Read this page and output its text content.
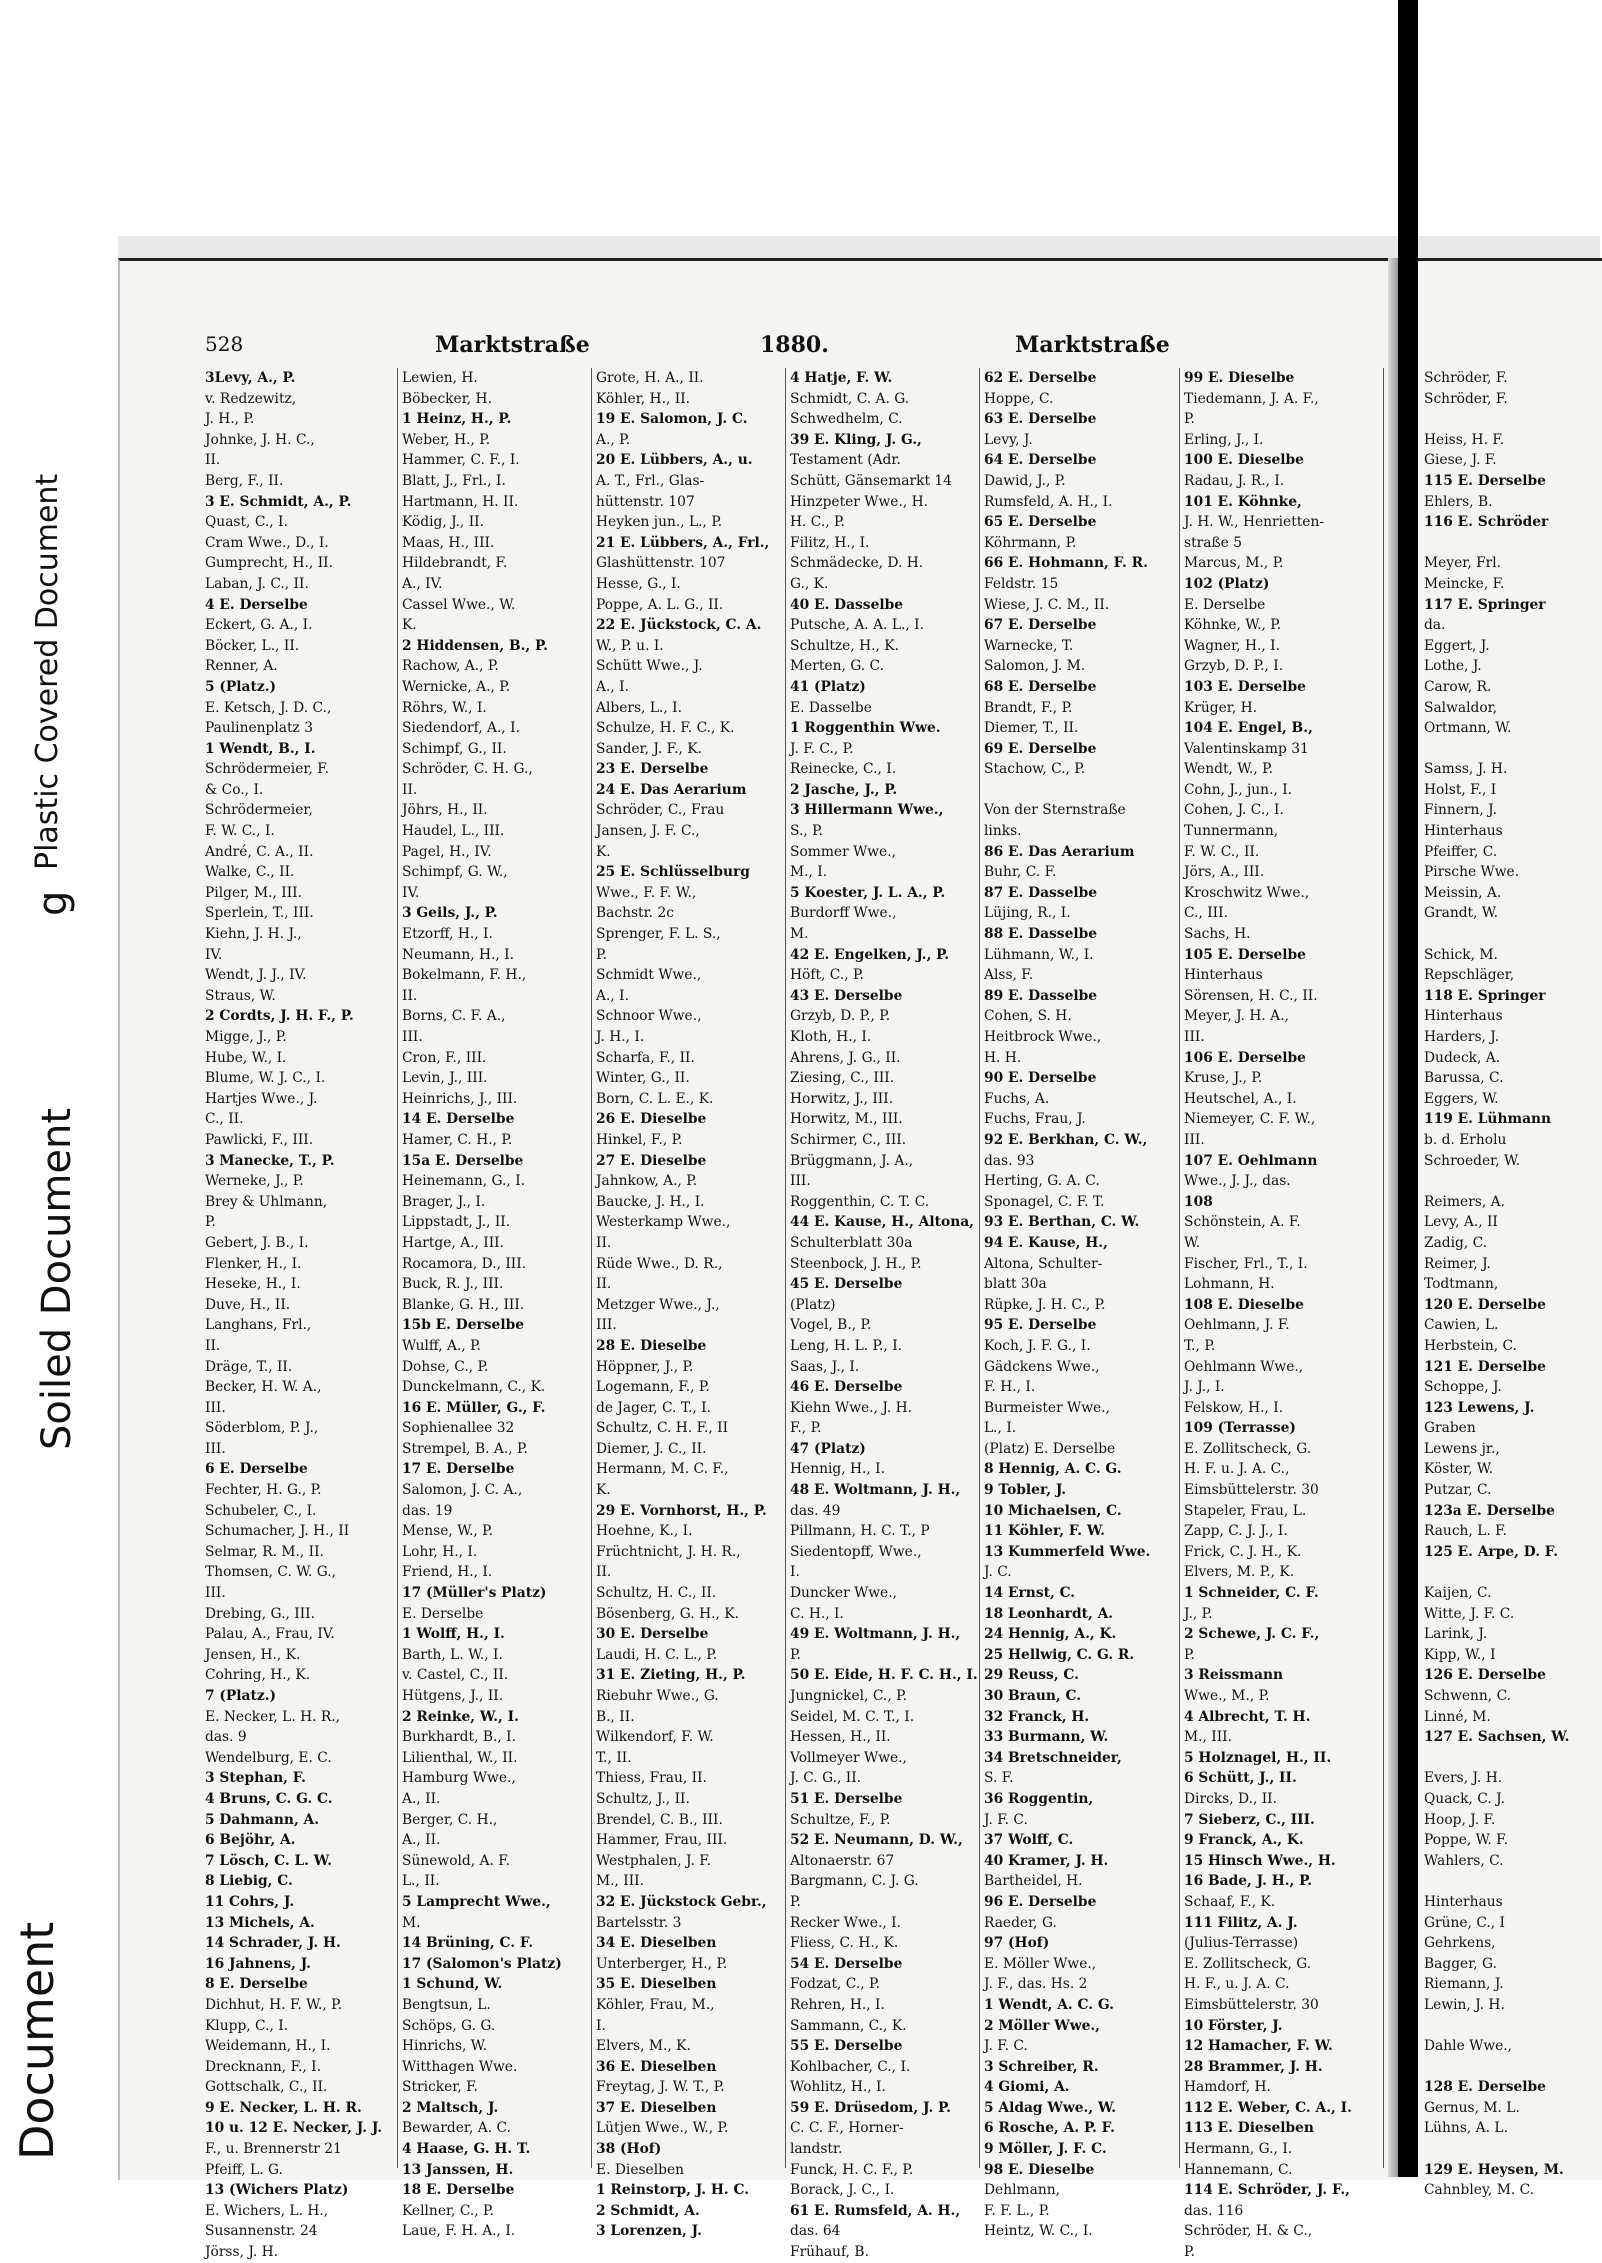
Plastic Covered Document
g
Soiled Document
Document
528	Marktstraße	1880.	Marktstraße
3Levy, A., P.
v. Redzewitz,
J. H., P.
Johnke, J. H. C.,
II.
Berg, F., II.
3 E. Schmidt, A., P.
Quast, C., I.
Cram Wwe., D., I.
Gumprecht, H., II.
Laban, J. C., II.
4 E. Derselbe
Eckert, G. A., I.
Böcker, L., II.
Renner, A.
5 (Platz.)
E. Ketsch, J. D. C.,
Paulinenplatz 3
1 Wendt, B., I.
Schrödermeier, F.
& Co., I.
Schrödermeier,
F. W. C., I.
André, C. A., II.
Walke, C., II.
Pilger, M., III.
Sperlein, T., III.
Kiehn, J. H. J.,
IV.
Wendt, J. J., IV.
Straus, W.
2 Cordts, J. H. F., P.
Migge, J., P.
Hube, W., I.
Blume, W. J. C., I.
Hartjes Wwe., J.
C., II.
Pawlicki, F., III.
3 Manecke, T., P.
Werneke, J., P.
Brey & Uhlmann,
P.
Gebert, J. B., I.
Flenker, H., I.
Heseke, H., I.
Duve, H., II.
Langhans, Frl.,
II.
Dräge, T., II.
Becker, H. W. A.,
III.
Söderblom, P. J.,
III.
6 E. Derselbe
Fechter, H. G., P.
Schubeler, C., I.
Schumacher, J. H., II
Selmar, R. M., II.
Thomsen, C. W. G.,
III.
Drebing, G., III.
Palau, A., Frau, IV.
Jensen, H., K.
Cohring, H., K.
7 (Platz.)
E. Necker, L. H. R.,
das. 9
Wendelburg, E. C.
3 Stephan, F.
4 Bruns, C. G. C.
5 Dahmann, A.
6 Bejöhr, A.
7 Lösch, C. L. W.
8 Liebig, C.
11 Cohrs, J.
13 Michels, A.
14 Schrader, J. H.
16 Jahnens, J.
8 E. Derselbe
Dichhut, H. F. W., P.
Klupp, C., I.
Weidemann, H., I.
Drecknann, F., I.
Gottschalk, C., II.
9 E. Necker, L. H. R.
10 u. 12 E. Necker, J. J.
F., u. Brennerstr 21
Pfeiff, L. G.
13 (Wichers Platz)
E. Wichers, L. H.,
Susannenstr. 24
Jörss, J. H.
Lewien, H.
Böbecker, H.
1 Heinz, H., P.
Weber, H., P.
Hammer, C. F., I.
Blatt, J., Frl., I.
Hartmann, H. II.
Ködig, J., II.
Maas, H., III.
Hildebrandt, F.
A., IV.
Cassel Wwe., W.
K.
2 Hiddensen, B., P.
Rachow, A., P.
Wernicke, A., P.
Röhrs, W., I.
Siedendorf, A., I.
Schimpf, G., II.
Schröder, C. H. G.,
II.
Jöhrs, H., II.
Haudel, L., III.
Pagel, H., IV.
Schimpf, G. W.,
IV.
3 Geils, J., P.
Etzorff, H., I.
Neumann, H., I.
Bokelmann, F. H.,
II.
Borns, C. F. A.,
III.
Cron, F., III.
Levin, J., III.
Heinrichs, J., III.
14 E. Derselbe
Hamer, C. H., P.
15a E. Derselbe
Heinemann, G., I.
Brager, J., I.
Lippstadt, J., II.
Hartge, A., III.
Rocamora, D., III.
Buck, R. J., III.
Blanke, G. H., III.
15b E. Derselbe
Wulff, A., P.
Dohse, C., P.
Dunckelmann, C., K.
16 E. Müller, G., F.
Sophienallee 32
Strempel, B. A., P.
17 E. Derselbe
Salomon, J. C. A.,
das. 19
Mense, W., P.
Lohr, H., I.
Friend, H., I.
17 (Müller's Platz)
E. Derselbe
1 Wolff, H., I.
Barth, L. W., I.
v. Castel, C., II.
Hütgens, J., II.
2 Reinke, W., I.
Burkhardt, B., I.
Lilienthal, W., II.
Hamburg Wwe.,
A., II.
Berger, C. H.,
A., II.
Sünewold, A. F.
L., II.
5 Lamprecht Wwe.,
M.
14 Brüning, C. F.
17 (Salomon's Platz)
1 Schund, W.
Bengtsun, L.
Schöps, G. G.
Hinrichs, W.
Witthagen Wwe.
Stricker, F.
2 Maltsch, J.
Bewarder, A. C.
4 Haase, G. H. T.
13 Janssen, H.
18 E. Derselbe
Kellner, C., P.
Laue, F. H. A., I.
Grote, H. A., II.
Köhler, H., II.
19 E. Salomon, J. C.
A., P.
20 E. Lübbers, A., u.
A. T., Frl., Glas-
hüttenstr. 107
Heyken jun., L., P.
21 E. Lübbers, A., Frl.,
Glashüttenstr. 107
Hesse, G., I.
Poppe, A. L. G., II.
22 E. Jückstock, C. A.
W., P. u. I.
Schütt Wwe., J.
A., I.
Albers, L., I.
Schulze, H. F. C., K.
Sander, J. F., K.
23 E. Derselbe
24 E. Das Aerarium
Schröder, C., Frau
Jansen, J. F. C.,
K.
25 E. Schlüsselburg
Wwe., F. F. W.,
Bachstr. 2c
Sprenger, F. L. S.,
P.
Schmidt Wwe.,
A., I.
Schnoor Wwe.,
J. H., I.
Scharfa, F., II.
Winter, G., II.
Born, C. L. E., K.
26 E. Dieselbe
Hinkel, F., P.
27 E. Dieselbe
Jahnkow, A., P.
Baucke, J. H., I.
Westerkamp Wwe.,
II.
Rüde Wwe., D. R.,
II.
Metzger Wwe., J.,
III.
28 E. Dieselbe
Höppner, J., P.
Logemann, F., P.
de Jager, C. T., I.
Schultz, C. H. F., II
Diemer, J. C., II.
Hermann, M. C. F.,
K.
29 E. Vornhorst, H., P.
Hoehne, K., I.
Früchtnicht, J. H. R.,
II.
Schultz, H. C., II.
Bösenberg, G. H., K.
30 E. Derselbe
Laudi, H. C. L., P.
31 E. Zieting, H., P.
Riebuhr Wwe., G.
B., II.
Wilkendorf, F. W.
T., II.
Thiess, Frau, II.
Schultz, J., II.
Brendel, C. B., III.
Hammer, Frau, III.
Westphalen, J. F.
M., III.
32 E. Jückstock Gebr.,
Bartelsstr. 3
34 E. Dieselben
Unterberger, H., P.
35 E. Dieselben
Köhler, Frau, M.,
I.
Elvers, M., K.
36 E. Dieselben
Freytag, J. W. T., P.
37 E. Dieselben
Lütjen Wwe., W., P.
38 (Hof)
E. Dieselben
1 Reinstorp, J. H. C.
2 Schmidt, A.
3 Lorenzen, J.
4 Hatje, F. W.
Schmidt, C. A. G.
Schwedhelm, C.
39 E. Kling, J. G.,
Testament (Adr.
Schütt, Gänsemarkt 14
Hinzpeter Wwe., H.
H. C., P.
Filitz, H., I.
Schmädecke, D. H.
G., K.
40 E. Dasselbe
Putsche, A. A. L., I.
Schultze, H., K.
Merten, G. C.
41 (Platz)
E. Dasselbe
1 Roggenthin Wwe.
J. F. C., P.
Reinecke, C., I.
2 Jasche, J., P.
3 Hillermann Wwe.,
S., P.
Sommer Wwe.,
M., I.
5 Koester, J. L. A., P.
Burdorff Wwe.,
M.
42 E. Engelken, J., P.
Höft, C., P.
43 E. Derselbe
Grzyb, D. P., P.
Kloth, H., I.
Ahrens, J. G., II.
Ziesing, C., III.
Horwitz, J., III.
Horwitz, M., III.
Schirmer, C., III.
Brüggmann, J. A.,
III.
Roggenthin, C. T. C.
44 E. Kause, H., Altona,
Schulterblatt 30a
Steenbock, J. H., P.
45 E. Derselbe
(Platz)
Vogel, B., P.
Leng, H. L. P., I.
Saas, J., I.
46 E. Derselbe
Kiehn Wwe., J. H.
F., P.
47 (Platz)
Hennig, H., I.
48 E. Woltmann, J. H.,
das. 49
Pillmann, H. C. T., P
Siedentopff, Wwe.,
I.
Duncker Wwe.,
C. H., I.
49 E. Woltmann, J. H.,
P.
50 E. Eide, H. F. C. H., I.
Jungnickel, C., P.
Seidel, M. C. T., I.
Hessen, H., II.
Vollmeyer Wwe.,
J. C. G., II.
51 E. Derselbe
Schultze, F., P.
52 E. Neumann, D. W.,
Altonaerstr. 67
Bargmann, C. J. G.
P.
Recker Wwe., I.
Fliess, C. H., K.
54 E. Derselbe
Fodzat, C., P.
Rehren, H., I.
Sammann, C., K.
55 E. Derselbe
Kohlbacher, C., I.
Wohlitz, H., I.
59 E. Drüsedom, J. P.
C. C. F., Horner-
landstr.
Funck, H. C. F., P.
Borack, J. C., I.
61 E. Rumsfeld, A. H.,
das. 64
Frühauf, B.
62 E. Derselbe
Hoppe, C.
63 E. Derselbe
Levy, J.
64 E. Derselbe
Dawid, J., P.
Rumsfeld, A. H., I.
65 E. Derselbe
Köhrmann, P.
66 E. Hohmann, F. R.
Feldstr. 15
Wiese, J. C. M., II.
67 E. Derselbe
Warnecke, T.
Salomon, J. M.
68 E. Derselbe
Brandt, F., P.
Diemer, T., II.
69 E. Derselbe
Stachow, C., P.

Von der Sternstraße
links.
86 E. Das Aerarium
Buhr, C. F.
87 E. Dasselbe
Lüjing, R., I.
88 E. Dasselbe
Lühmann, W., I.
Alss, F.
89 E. Dasselbe
Cohen, S. H.
Heitbrock Wwe.,
H. H.
90 E. Derselbe
Fuchs, A.
Fuchs, Frau, J.
92 E. Berkhan, C. W.,
das. 93
Herting, G. A. C.
Sponagel, C. F. T.
93 E. Berthan, C. W.
94 E. Kause, H.,
Altona, Schulter-
blatt 30a
Rüpke, J. H. C., P.
95 E. Derselbe
Koch, J. F. G., I.
Gädckens Wwe.,
F. H., I.
Burmeister Wwe.,
L., I.
(Platz) E. Derselbe
8 Hennig, A. C. G.
9 Tobler, J.
10 Michaelsen, C.
11 Köhler, F. W.
13 Kummerfeld Wwe.
J. C.
14 Ernst, C.
18 Leonhardt, A.
24 Hennig, A., K.
25 Hellwig, C. G. R.
29 Reuss, C.
30 Braun, C.
32 Franck, H.
33 Burmann, W.
34 Bretschneider,
S. F.
36 Roggentin,
J. F. C.
37 Wolff, C.
40 Kramer, J. H.
Bartheidel, H.
96 E. Derselbe
Raeder, G.
97 (Hof)
E. Möller Wwe.,
J. F., das. Hs. 2
1 Wendt, A. C. G.
2 Möller Wwe.,
J. F. C.
3 Schreiber, R.
4 Giomi, A.
5 Aldag Wwe., W.
6 Rosche, A. P. F.
9 Möller, J. F. C.
98 E. Dieselbe
Dehlmann,
F. F. L., P.
Heintz, W. C., I.
99 E. Dieselbe
Tiedemann, J. A. F.,
P.
Erling, J., I.
100 E. Dieselbe
Radau, J. R., I.
101 E. Köhnke,
J. H. W., Henrietten-
straße 5
Marcus, M., P.
102 (Platz)
E. Derselbe
Köhnke, W., P.
Wagner, H., I.
Grzyb, D. P., I.
103 E. Derselbe
Krüger, H.
104 E. Engel, B.,
Valentinskamp 31
Wendt, W., P.
Cohn, J., jun., I.
Cohen, J. C., I.
Tunnermann,
F. W. C., II.
Jörs, A., III.
Kroschwitz Wwe.,
C., III.
Sachs, H.
105 E. Derselbe
Hinterhaus
Sörensen, H. C., II.
Meyer, J. H. A.,
III.
106 E. Derselbe
Kruse, J., P.
Heutschel, A., I.
Niemeyer, C. F. W.,
III.
107 E. Oehlmann
Wwe., J. J., das.
108
Schönstein, A. F.
W.
Fischer, Frl., T., I.
Lohmann, H.
108 E. Dieselbe
Oehlmann, J. F.
T., P.
Oehlmann Wwe.,
J. J., I.
Felskow, H., I.
109 (Terrasse)
E. Zollitscheck, G.
H. F. u. J. A. C.,
Eimsbüttelerstr. 30
Stapeler, Frau, L.
Zapp, C. J. J., I.
Frick, C. J. H., K.
Elvers, M. P., K.
1 Schneider, C. F.
J., P.
2 Schewe, J. C. F.,
P.
3 Reissmann
Wwe., M., P.
4 Albrecht, T. H.
M., III.
5 Holznagel, H., II.
6 Schütt, J., II.
Dircks, D., II.
7 Sieberz, C., III.
9 Franck, A., K.
15 Hinsch Wwe., H.
16 Bade, J. H., P.
Schaaf, F., K.
111 Filitz, A. J.
(Julius-Terrasse)
E. Zollitscheck, G.
H. F., u. J. A. C.
Eimsbüttelerstr. 30
10 Förster, J.
12 Hamacher, F. W.
28 Brammer, J. H.
Hamdorf, H.
112 E. Weber, C. A., I.
113 E. Dieselben
Hermann, G., I.
Hannemann, C.
114 E. Schröder, J. F.,
das. 116
Schröder, H. & C.,
P.
Schröder, F.
Schröder, F.

Heiss, H. F.
Giese, J. F.
115 E. Derselbe
Ehlers, B.
116 E. Schröder

Meyer, Frl.
Meincke, F.
117 E. Springer
da.
Eggert, J.
Lothe, J.
Carow, R.
Salwaldor,
Ortmann, W.

Samss, J. H.
Holst, F., I
Finnern, J.
Hinterhaus
Pfeiffer, C.
Pirsche Wwe.
Meissin, A.
Grandt, W.

Schick, M.
Repschläger,
118 E. Springer
Hinterhaus
Harders, J.
Dudeck, A.
Barussa, C.
Eggers, W.
119 E. Lühmann
b. d. Erholu
Schroeder, W.

Reimers, A.
Levy, A., II
Zadig, C.
Reimer, J.
Todtmann,
120 E. Derselbe
Cawien, L.
Herbstein, C.
121 E. Derselbe
Schoppe, J.
123 Lewens, J.
Graben
Lewens jr.,
Köster, W.
Putzar, C.
123a E. Derselbe
Rauch, L. F.
125 E. Arpe, D. F.

Kaijen, C.
Witte, J. F. C.
Larink, J.
Kipp, W., I
126 E. Derselbe
Schwenn, C.
Linné, M.
127 E. Sachsen, W.

Evers, J. H.
Quack, C. J.
Hoop, J. F.
Poppe, W. F.
Wahlers, C.

Hinterhaus
Grüne, C., I
Gehrkens,
Bagger, G.
Riemann, J.
Lewin, J. H.

Dahle Wwe.,

128 E. Derselbe
Gernus, M. L.
Lühns, A. L.

129 E. Heysen, M.
Cahnbley, M. C.
